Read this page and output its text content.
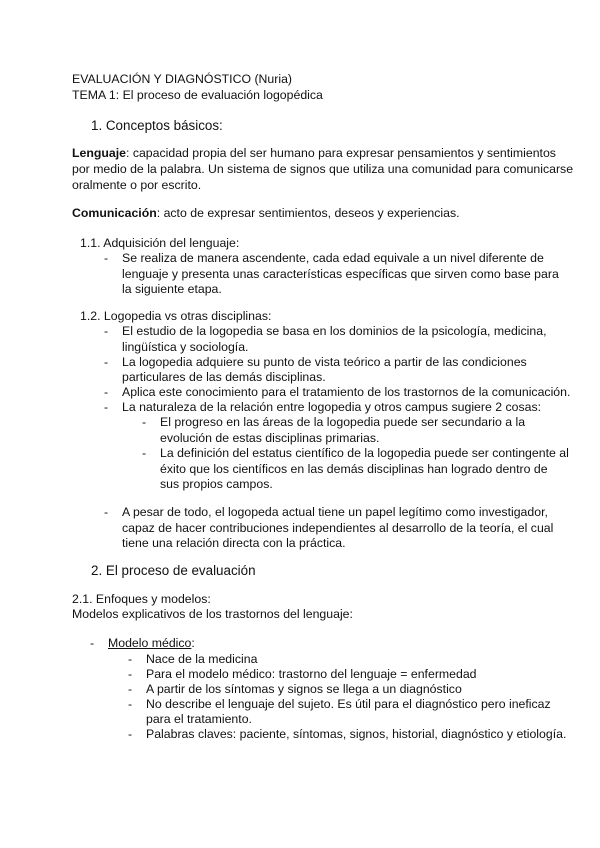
EVALUACIÓN Y DIAGNÓSTICO (Nuria)
TEMA 1: El proceso de evaluación logopédica
1. Conceptos básicos:
Lenguaje: capacidad propia del ser humano para expresar pensamientos y sentimientos
por medio de la palabra. Un sistema de signos que utiliza una comunidad para comunicarse
oralmente o por escrito.
Comunicación: acto de expresar sentimientos, deseos y experiencias.
1.1. Adquisición del lenguaje:
- Se realiza de manera ascendente, cada edad equivale a un nivel diferente de
lenguaje y presenta unas características específicas que sirven como base para
la siguiente etapa.
1.2. Logopedia vs otras disciplinas:
- El estudio de la logopedia se basa en los dominios de la psicología, medicina,
lingüística y sociología.
- La logopedia adquiere su punto de vista teórico a partir de las condiciones
particulares de las demás disciplinas.
- Aplica este conocimiento para el tratamiento de los trastornos de la comunicación.
- La naturaleza de la relación entre logopedia y otros campus sugiere 2 cosas:
- El progreso en las áreas de la logopedia puede ser secundario a la
evolución de estas disciplinas primarias.
- La definición del estatus científico de la logopedia puede ser contingente al
éxito que los científicos en las demás disciplinas han logrado dentro de
sus propios campos.
- A pesar de todo, el logopeda actual tiene un papel legítimo como investigador,
capaz de hacer contribuciones independientes al desarrollo de la teoría, el cual
tiene una relación directa con la práctica.
2. El proceso de evaluación
2.1. Enfoques y modelos:
Modelos explicativos de los trastornos del lenguaje:
- Modelo médico:
- Nace de la medicina
- Para el modelo médico: trastorno del lenguaje = enfermedad
- A partir de los síntomas y signos se llega a un diagnóstico
- No describe el lenguaje del sujeto. Es útil para el diagnóstico pero ineficaz
para el tratamiento.
- Palabras claves: paciente, síntomas, signos, historial, diagnóstico y etiología.
